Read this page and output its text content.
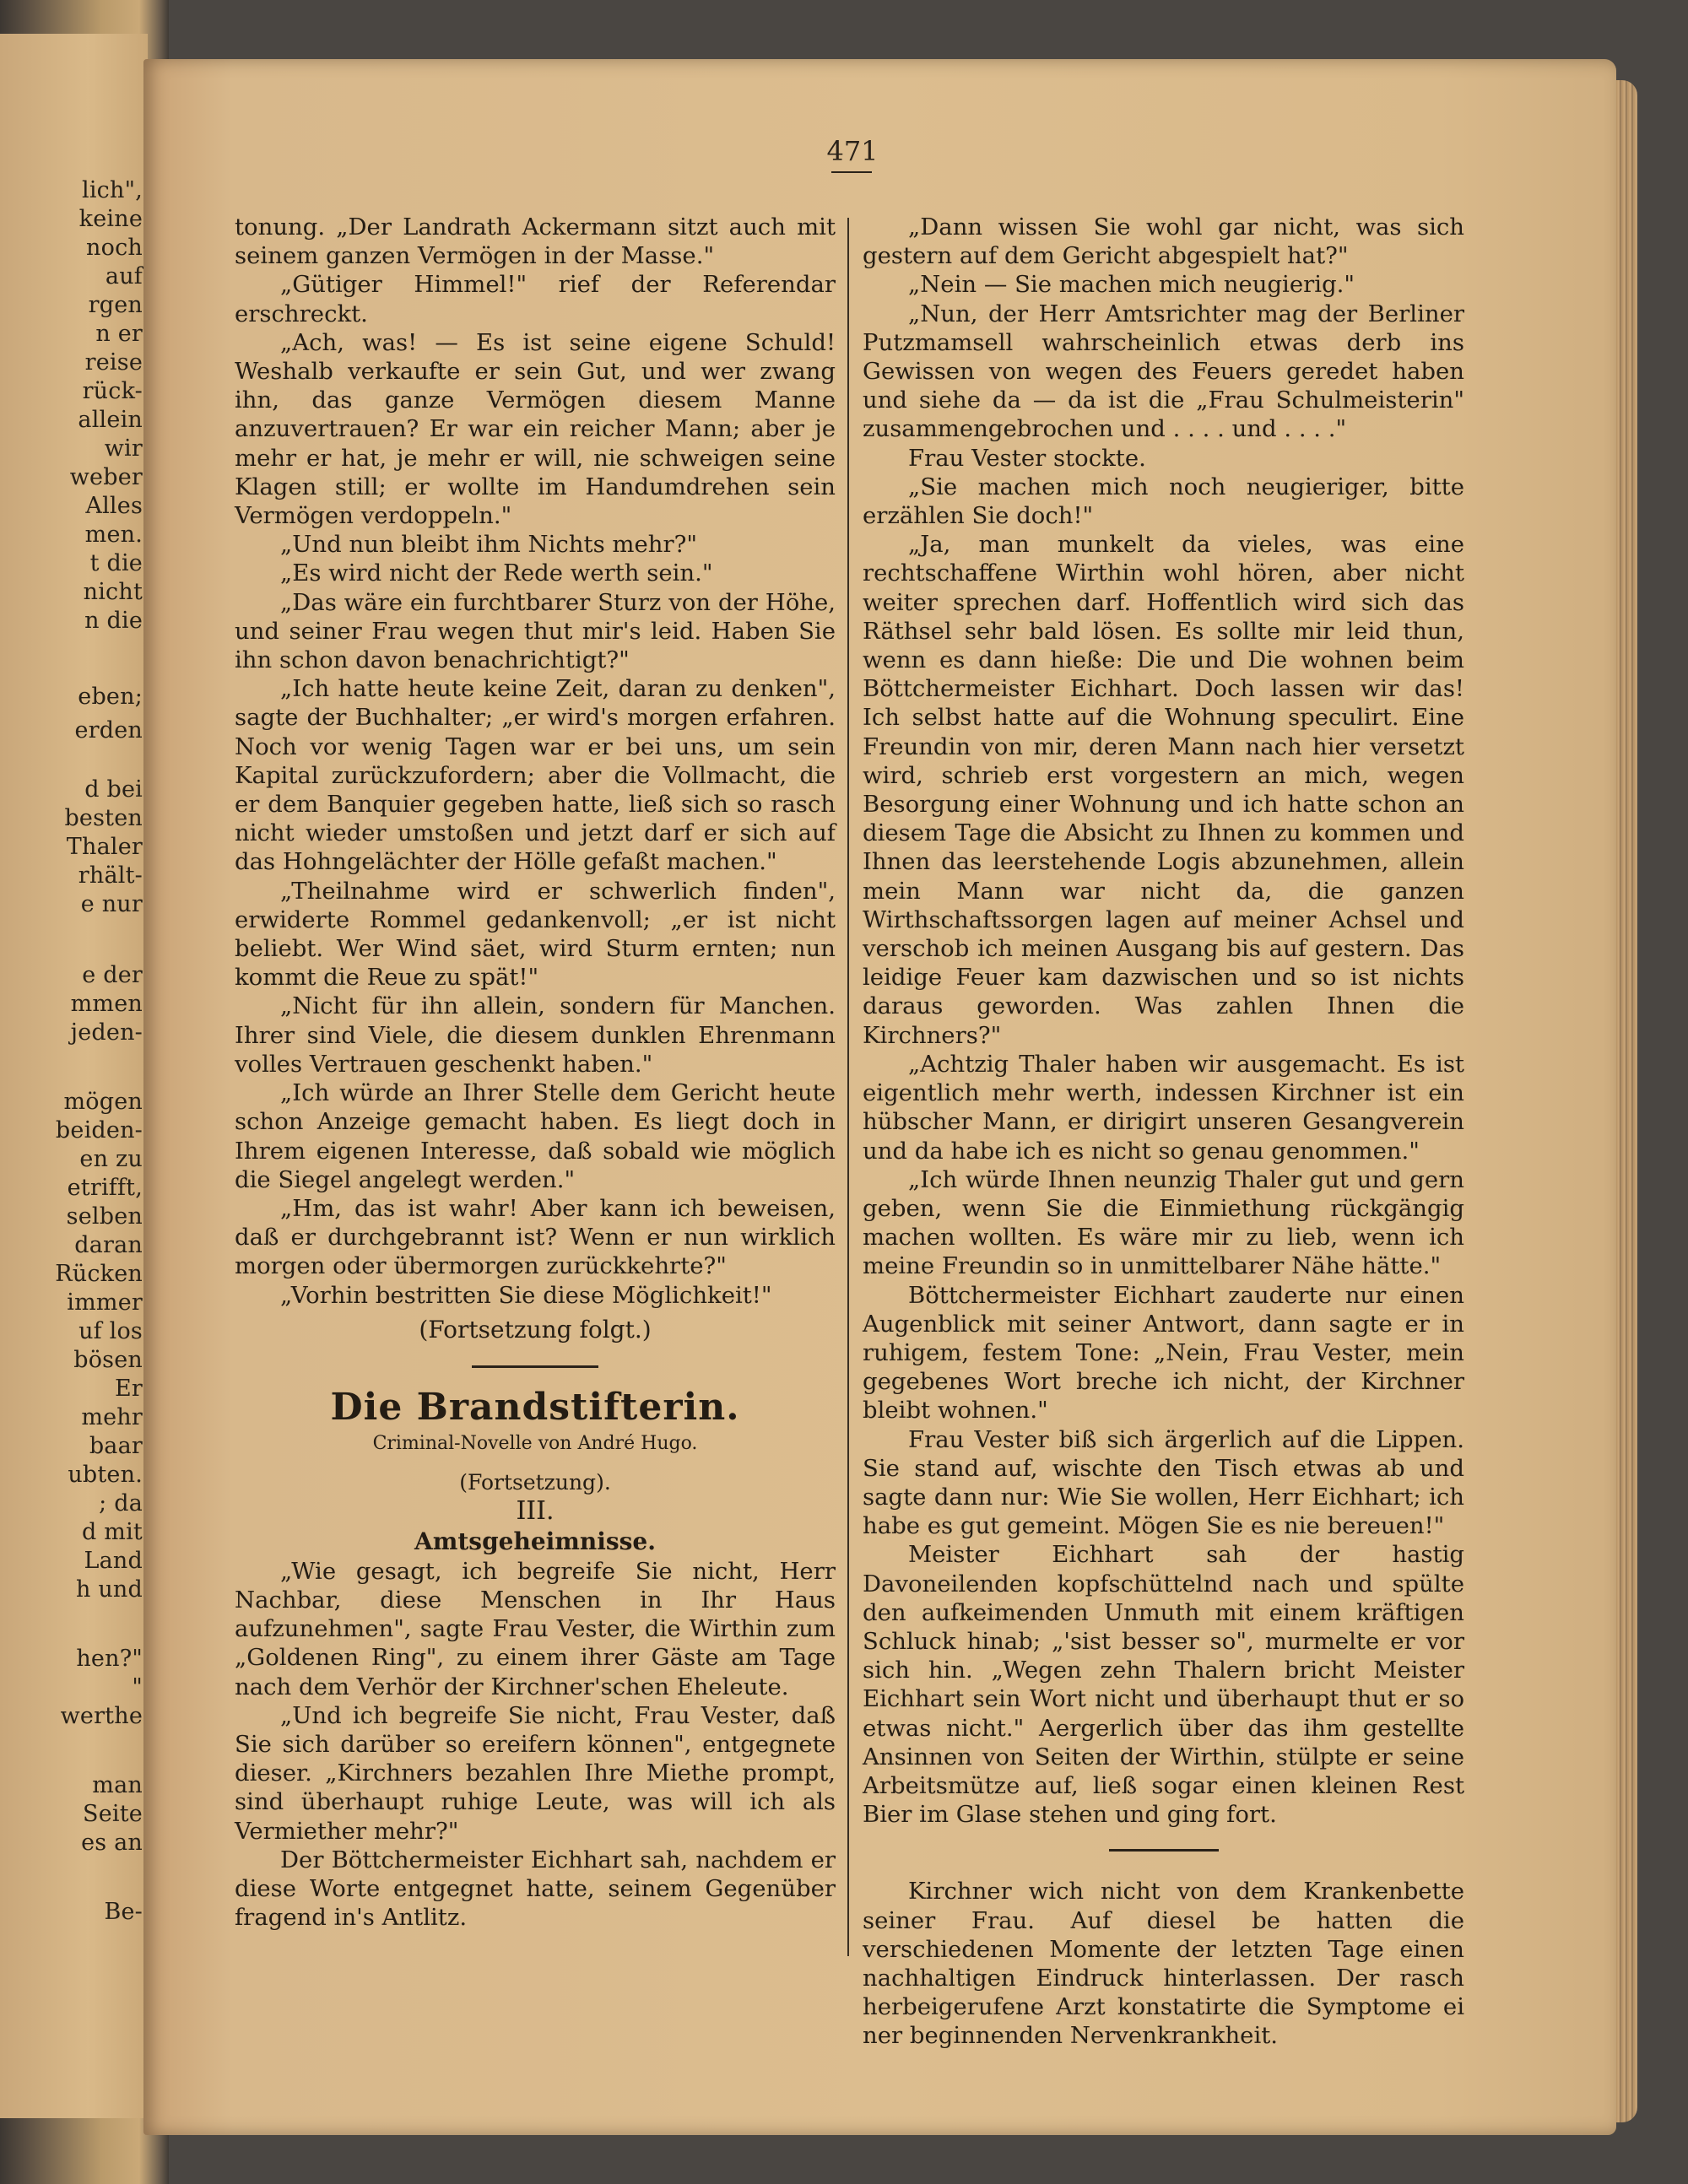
lich",
keine
noch
auf
rgen
n er
reise
rück-
allein
wir
weber
Alles
men.
t die
nicht
n die
eben;
erden
d bei
besten
Thaler
rhält-
e nur
e der
mmen
jeden-
mögen
beiden-
en zu
etrifft,
selben
daran
Rücken
immer
uf los
bösen
Er
mehr
baar
ubten.
; da
d mit
Land
h und
hen?"
"
werthe
man
Seite
es an
Be-
471

tonung. „Der Landrath Ackermann sitzt auch mit seinem ganzen Vermögen in der Masse."

„Gütiger Himmel!" rief der Referendar erschreckt.

„Ach, was! — Es ist seine eigene Schuld! Weshalb verkaufte er sein Gut, und wer zwang ihn, das ganze Vermögen diesem Manne anzuvertrauen? Er war ein reicher Mann; aber je mehr er hat, je mehr er will, nie schweigen seine Klagen still; er wollte im Handumdrehen sein Vermögen verdoppeln."

„Und nun bleibt ihm Nichts mehr?"

„Es wird nicht der Rede werth sein."

„Das wäre ein furchtbarer Sturz von der Höhe, und seiner Frau wegen thut mir's leid. Haben Sie ihn schon davon benachrichtigt?"

„Ich hatte heute keine Zeit, daran zu denken", sagte der Buchhalter; „er wird's morgen erfahren. Noch vor wenig Tagen war er bei uns, um sein Kapital zurückzufordern; aber die Vollmacht, die er dem Banquier gegeben hatte, ließ sich so rasch nicht wieder umstoßen und jetzt darf er sich auf das Hohngelächter der Hölle gefaßt machen."

„Theilnahme wird er schwerlich finden", erwiderte Rommel gedankenvoll; „er ist nicht beliebt. Wer Wind säet, wird Sturm ernten; nun kommt die Reue zu spät!"

„Nicht für ihn allein, sondern für Manchen. Ihrer sind Viele, die diesem dunklen Ehrenmann volles Vertrauen geschenkt haben."

„Ich würde an Ihrer Stelle dem Gericht heute schon Anzeige gemacht haben. Es liegt doch in Ihrem eigenen Interesse, daß sobald wie möglich die Siegel angelegt werden."

„Hm, das ist wahr! Aber kann ich beweisen, daß er durchgebrannt ist? Wenn er nun wirklich morgen oder übermorgen zurückkehrte?"

„Vorhin bestritten Sie diese Möglichkeit!"

(Fortsetzung folgt.)
Die Brandstifterin.
Criminal-Novelle von André Hugo.
(Fortsetzung).
III.
Amtsgeheimnisse.

„Wie gesagt, ich begreife Sie nicht, Herr Nachbar, diese Menschen in Ihr Haus aufzunehmen", sagte Frau Vester, die Wirthin zum „Goldenen Ring", zu einem ihrer Gäste am Tage nach dem Verhör der Kirchner'schen Eheleute.

„Und ich begreife Sie nicht, Frau Vester, daß Sie sich darüber so ereifern können", entgegnete dieser. „Kirchners bezahlen Ihre Miethe prompt, sind überhaupt ruhige Leute, was will ich als Vermiether mehr?"

Der Böttchermeister Eichhart sah, nachdem er diese Worte entgegnet hatte, seinem Gegenüber fragend in's Antlitz.

„Dann wissen Sie wohl gar nicht, was sich gestern auf dem Gericht abgespielt hat?"

„Nein — Sie machen mich neugierig."

„Nun, der Herr Amtsrichter mag der Berliner Putzmamsell wahrscheinlich etwas derb ins Gewissen von wegen des Feuers geredet haben und siehe da — da ist die „Frau Schulmeisterin" zusammengebrochen und . . . . und . . . ."

Frau Vester stockte.

„Sie machen mich noch neugieriger, bitte erzählen Sie doch!"

„Ja, man munkelt da vieles, was eine rechtschaffene Wirthin wohl hören, aber nicht weiter sprechen darf. Hoffentlich wird sich das Räthsel sehr bald lösen. Es sollte mir leid thun, wenn es dann hieße: Die und Die wohnen beim Böttchermeister Eichhart. Doch lassen wir das! Ich selbst hatte auf die Wohnung speculirt. Eine Freundin von mir, deren Mann nach hier versetzt wird, schrieb erst vorgestern an mich, wegen Besorgung einer Wohnung und ich hatte schon an diesem Tage die Absicht zu Ihnen zu kommen und Ihnen das leerstehende Logis abzunehmen, allein mein Mann war nicht da, die ganzen Wirthschaftssorgen lagen auf meiner Achsel und verschob ich meinen Ausgang bis auf gestern. Das leidige Feuer kam dazwischen und so ist nichts daraus geworden. Was zahlen Ihnen die Kirchners?"

„Achtzig Thaler haben wir ausgemacht. Es ist eigentlich mehr werth, indessen Kirchner ist ein hübscher Mann, er dirigirt unseren Gesangverein und da habe ich es nicht so genau genommen."

„Ich würde Ihnen neunzig Thaler gut und gern geben, wenn Sie die Einmiethung rückgängig machen wollten. Es wäre mir zu lieb, wenn ich meine Freundin so in unmittelbarer Nähe hätte."

Böttchermeister Eichhart zauderte nur einen Augenblick mit seiner Antwort, dann sagte er in ruhigem, festem Tone: „Nein, Frau Vester, mein gegebenes Wort breche ich nicht, der Kirchner bleibt wohnen."

Frau Vester biß sich ärgerlich auf die Lippen. Sie stand auf, wischte den Tisch etwas ab und sagte dann nur: Wie Sie wollen, Herr Eichhart; ich habe es gut gemeint. Mögen Sie es nie bereuen!"

Meister Eichhart sah der hastig Davoneilenden kopfschüttelnd nach und spülte den aufkeimenden Unmuth mit einem kräftigen Schluck hinab; „'sist besser so", murmelte er vor sich hin. „Wegen zehn Thalern bricht Meister Eichhart sein Wort nicht und überhaupt thut er so etwas nicht." Aergerlich über das ihm gestellte Ansinnen von Seiten der Wirthin, stülpte er seine Arbeitsmütze auf, ließ sogar einen kleinen Rest Bier im Glase stehen und ging fort.

Kirchner wich nicht von dem Krankenbette seiner Frau. Auf diesel be hatten die verschiedenen Momente der letzten Tage einen nachhaltigen Eindruck hinterlassen. Der rasch herbeigerufene Arzt konstatirte die Symptome ei ner beginnenden Nervenkrankheit.
